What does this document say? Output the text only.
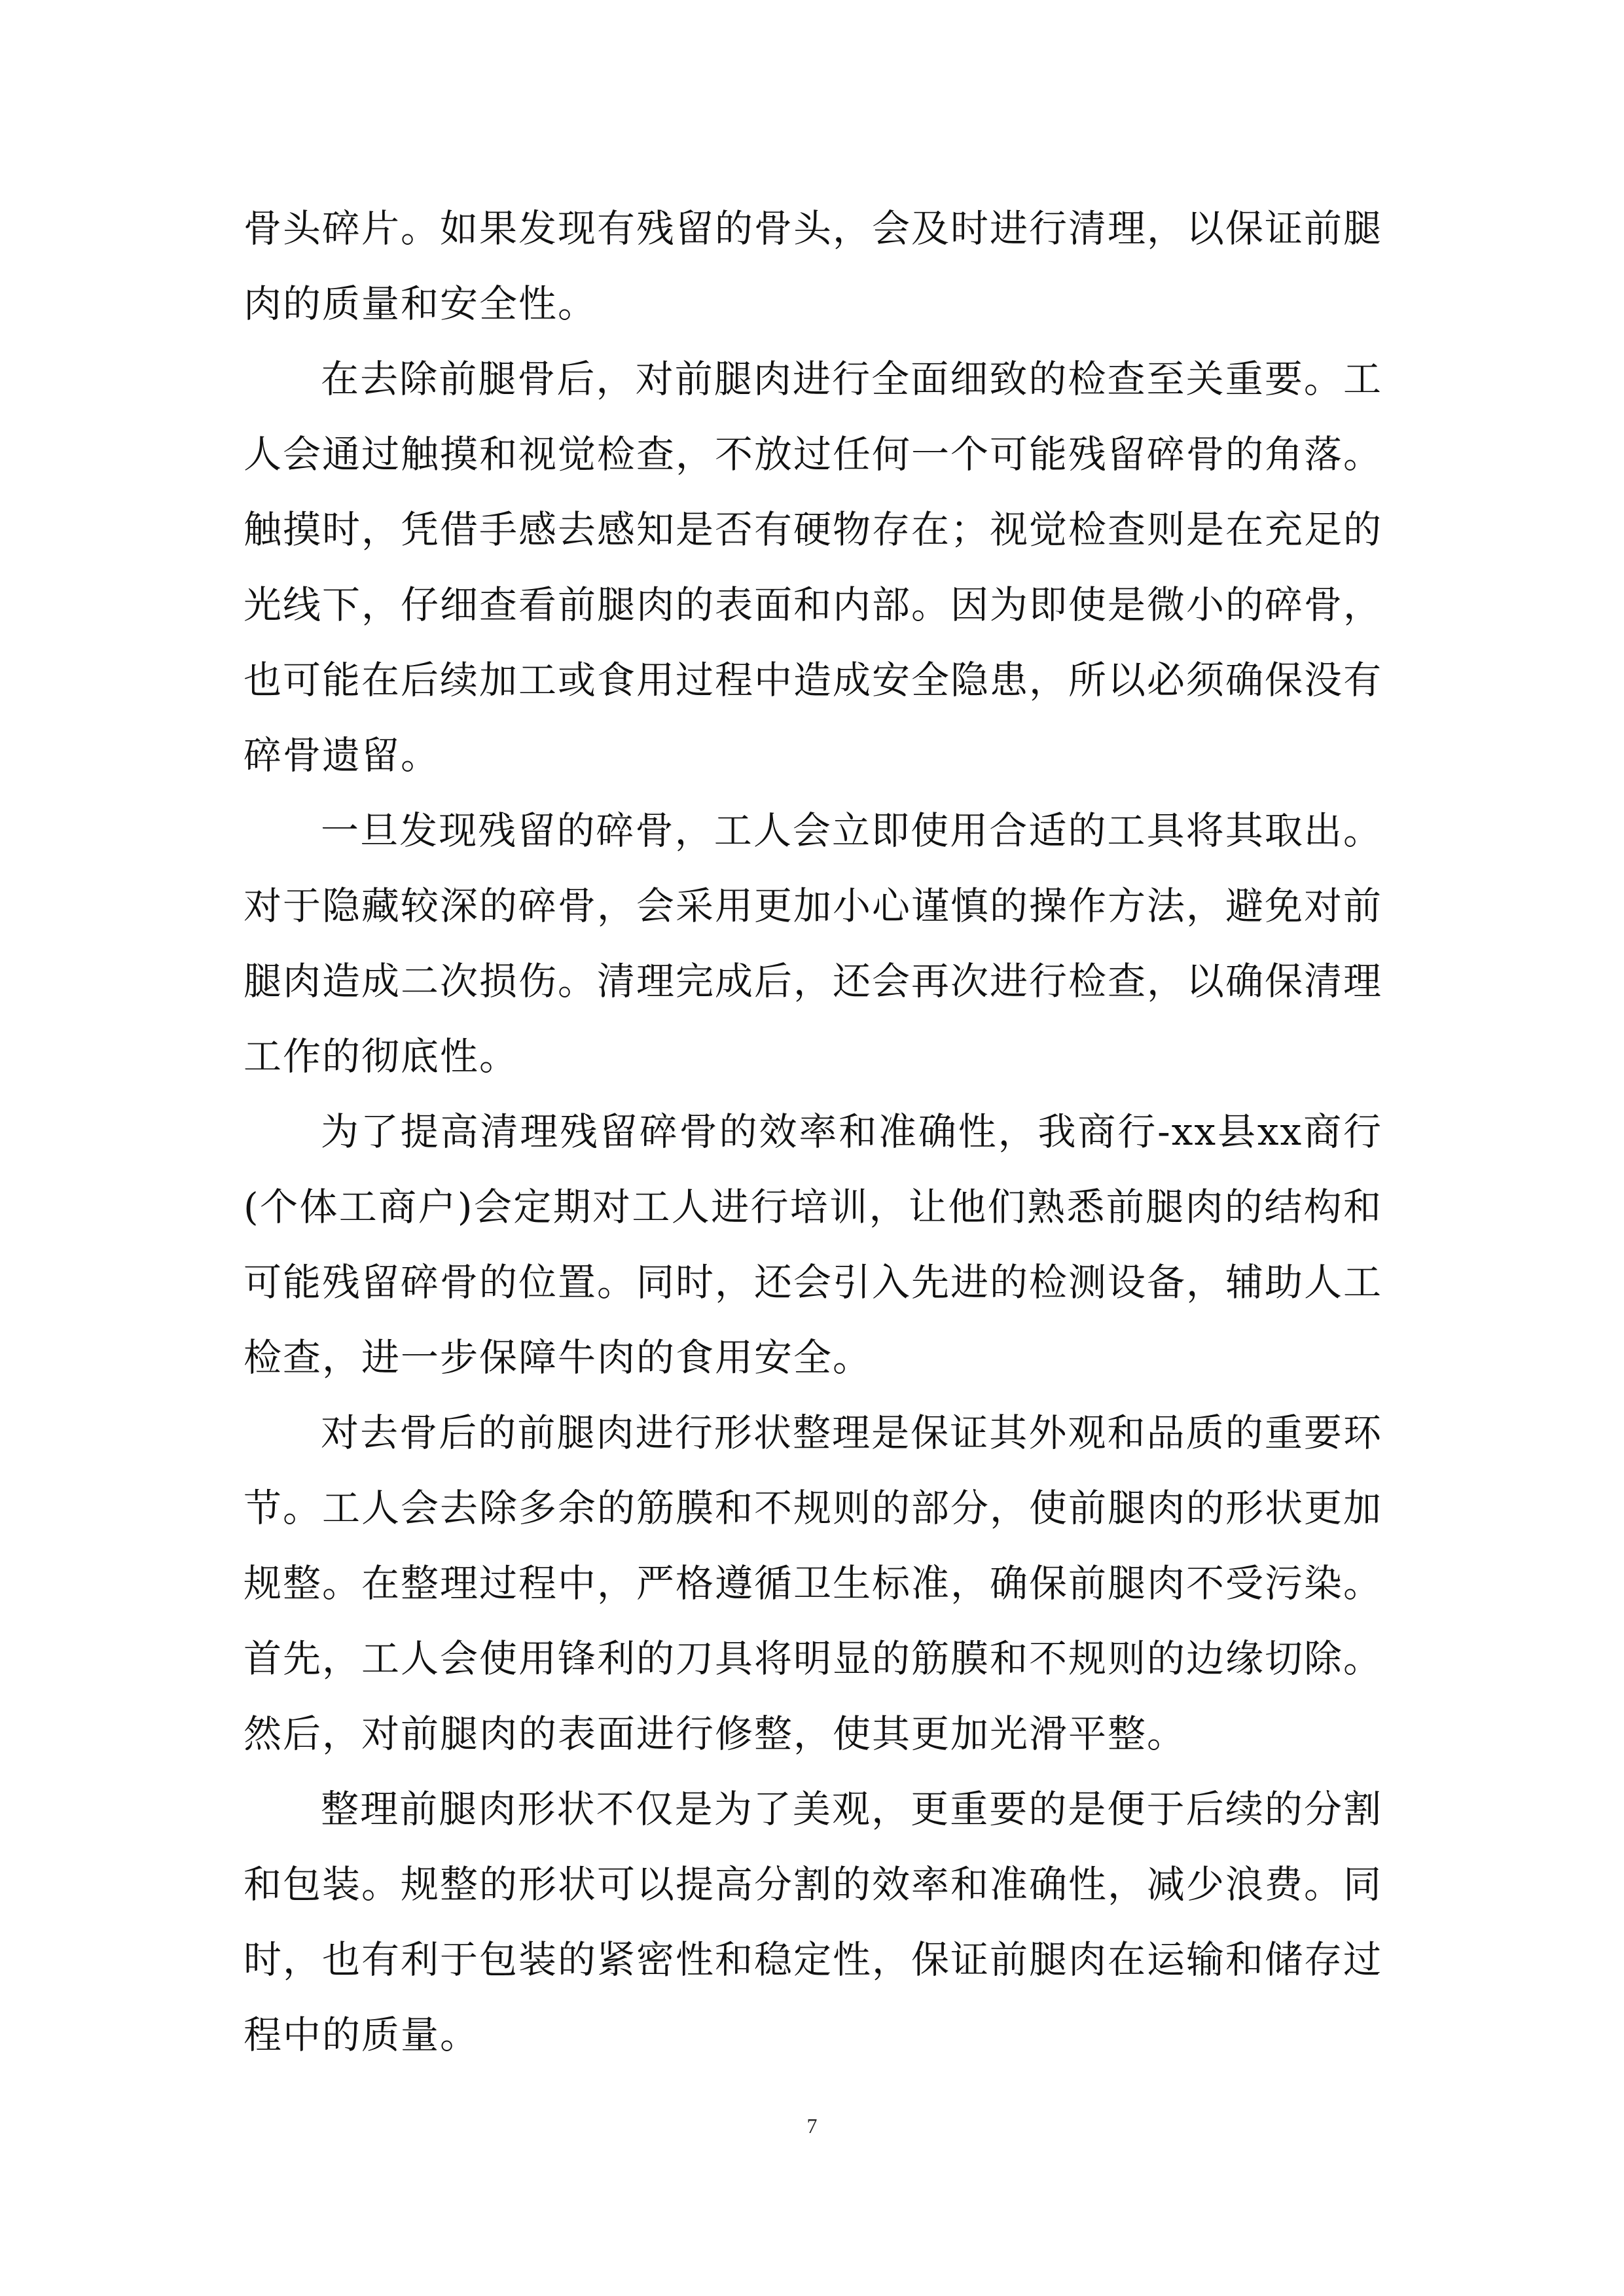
骨头碎片。如果发现有残留的骨头，会及时进行清理，以保证前腿肉的质量和安全性。

在去除前腿骨后，对前腿肉进行全面细致的检查至关重要。工人会通过触摸和视觉检查，不放过任何一个可能残留碎骨的角落。触摸时，凭借手感去感知是否有硬物存在；视觉检查则是在充足的光线下，仔细查看前腿肉的表面和内部。因为即使是微小的碎骨，也可能在后续加工或食用过程中造成安全隐患，所以必须确保没有碎骨遗留。

一旦发现残留的碎骨，工人会立即使用合适的工具将其取出。对于隐藏较深的碎骨，会采用更加小心谨慎的操作方法，避免对前腿肉造成二次损伤。清理完成后，还会再次进行检查，以确保清理工作的彻底性。

为了提高清理残留碎骨的效率和准确性，我商行-xx县xx商行(个体工商户)会定期对工人进行培训，让他们熟悉前腿肉的结构和可能残留碎骨的位置。同时，还会引入先进的检测设备，辅助人工检查，进一步保障牛肉的食用安全。

对去骨后的前腿肉进行形状整理是保证其外观和品质的重要环节。工人会去除多余的筋膜和不规则的部分，使前腿肉的形状更加规整。在整理过程中，严格遵循卫生标准，确保前腿肉不受污染。首先，工人会使用锋利的刀具将明显的筋膜和不规则的边缘切除。然后，对前腿肉的表面进行修整，使其更加光滑平整。

整理前腿肉形状不仅是为了美观，更重要的是便于后续的分割和包装。规整的形状可以提高分割的效率和准确性，减少浪费。同时，也有利于包装的紧密性和稳定性，保证前腿肉在运输和储存过程中的质量。

7
